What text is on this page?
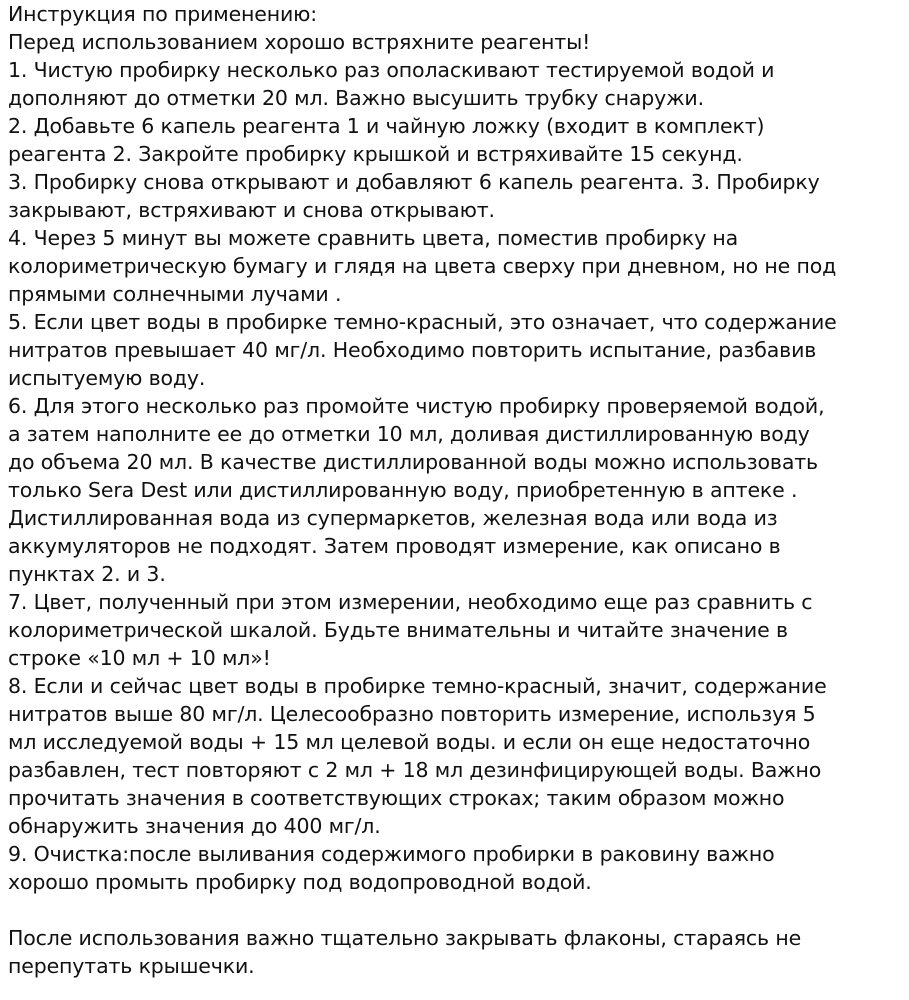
Инструкция по применению:

Перед использованием хорошо встряхните реагенты!

1. Чистую пробирку несколько раз ополаскивают тестируемой водой и

дополняют до отметки 20 мл. Важно высушить трубку снаружи.

2. Добавьте 6 капель реагента 1 и чайную ложку (входит в комплект)

реагента 2. Закройте пробирку крышкой и встряхивайте 15 секунд.

3. Пробирку снова открывают и добавляют 6 капель реагента. 3. Пробирку

закрывают, встряхивают и снова открывают.

4. Через 5 минут вы можете сравнить цвета, поместив пробирку на

колориметрическую бумагу и глядя на цвета сверху при дневном, но не под

прямыми солнечными лучами .

5. Если цвет воды в пробирке темно-красный, это означает, что содержание

нитратов превышает 40 мг/л. Необходимо повторить испытание, разбавив

испытуемую воду.

6. Для этого несколько раз промойте чистую пробирку проверяемой водой,

а затем наполните ее до отметки 10 мл, доливая дистиллированную воду

до объема 20 мл. В качестве дистиллированной воды можно использовать

только Sera Dest или дистиллированную воду, приобретенную в аптеке .

Дистиллированная вода из супермаркетов, железная вода или вода из

аккумуляторов не подходят. Затем проводят измерение, как описано в

пунктах 2. и 3.

7. Цвет, полученный при этом измерении, необходимо еще раз сравнить с

колориметрической шкалой. Будьте внимательны и читайте значение в

строке «10 мл + 10 мл»!

8. Если и сейчас цвет воды в пробирке темно-красный, значит, содержание

нитратов выше 80 мг/л. Целесообразно повторить измерение, используя 5

мл исследуемой воды + 15 мл целевой воды. и если он еще недостаточно

разбавлен, тест повторяют с 2 мл + 18 мл дезинфицирующей воды. Важно

прочитать значения в соответствующих строках; таким образом можно

обнаружить значения до 400 мг/л.

9. Очистка:после выливания содержимого пробирки в раковину важно

хорошо промыть пробирку под водопроводной водой.

После использования важно тщательно закрывать флаконы, стараясь не

перепутать крышечки.
